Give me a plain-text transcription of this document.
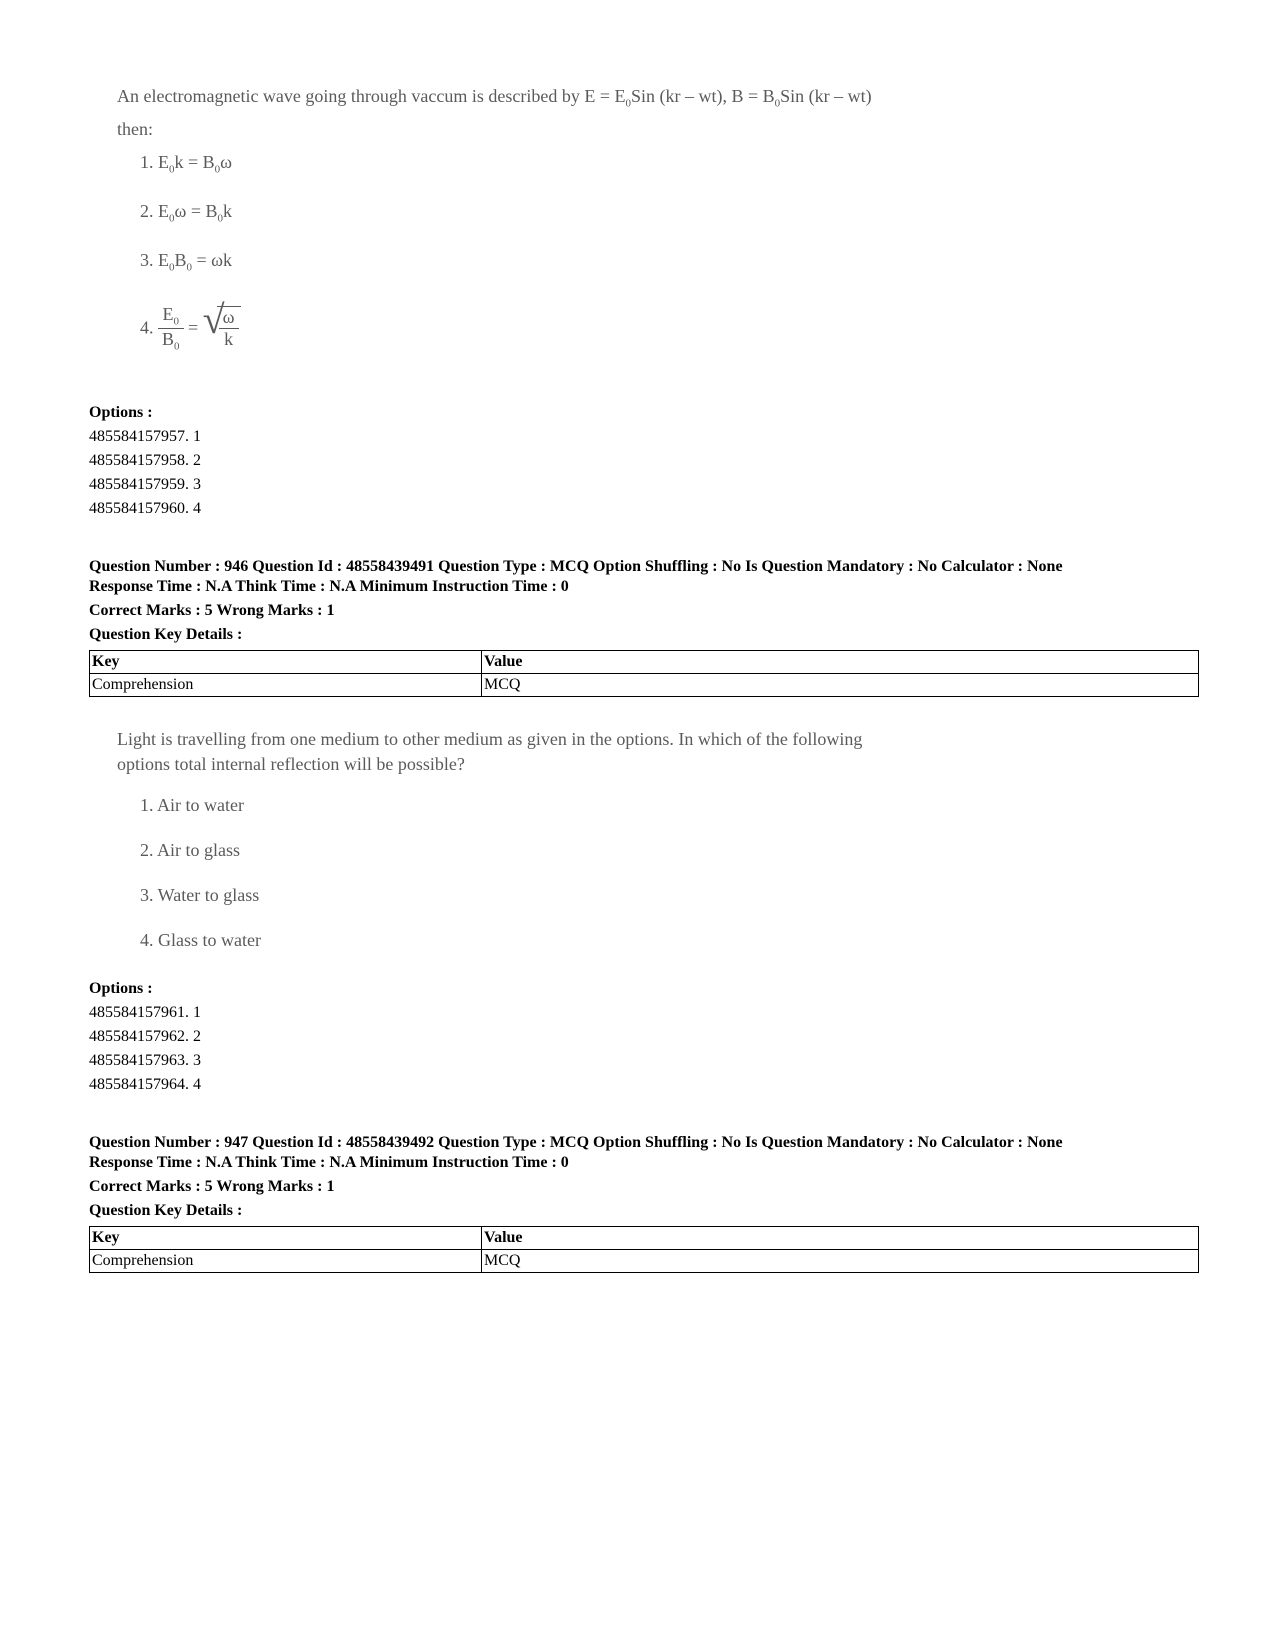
An electromagnetic wave going through vaccum is described by $E = E_0Sin$ (kr – wt), $B = B_0Sin$ (kr – wt)
then:
1. $E_0k = B_0\omega$
2. $E_0\omega = B_0k$
3. $E_0B_0 = \omega k$
4. $\frac{E_0}{B_0}$ = √
$\frac{\omega}{k}$
Options :
485584157957. 1
485584157958. 2
485584157959. 3
485584157960. 4
Question Number : 946 Question Id : 48558439491 Question Type : MCQ Option Shuffling : No Is Question Mandatory : No Calculator : None
Response Time : N.A Think Time : N.A Minimum Instruction Time : 0
Correct Marks : 5 Wrong Marks : 1
Question Key Details :
Key	Value
Comprehension	MCQ
Light is travelling from one medium to other medium as given in the options. In which of the following
options total internal reflection will be possible?
1. Air to water
2. Air to glass
3. Water to glass
4. Glass to water
Options :
485584157961. 1
485584157962. 2
485584157963. 3
485584157964. 4
Question Number : 947 Question Id : 48558439492 Question Type : MCQ Option Shuffling : No Is Question Mandatory : No Calculator : None
Response Time : N.A Think Time : N.A Minimum Instruction Time : 0
Correct Marks : 5 Wrong Marks : 1
Question Key Details :
Key	Value
Comprehension	MCQ
